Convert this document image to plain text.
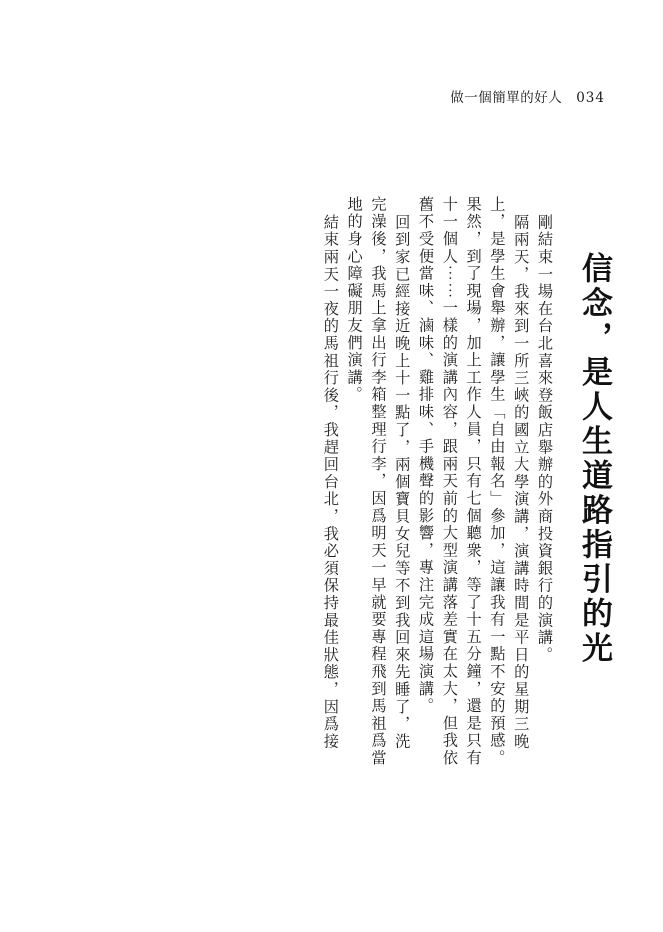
做一個簡單的好人 034
信念，是人生道路指引的光
剛結束一場在台北喜來登飯店舉辦的外商投資銀行的演講。
隔兩天，我來到一所三峽的國立大學演講，演講時間是平日的星期三晚
上，是學生會舉辦，讓學生「自由報名」參加，這讓我有一點不安的預感。
果然，到了現場，加上工作人員，只有七個聽衆，等了十五分鐘，還是只有
十一個人⋯⋯一樣的演講內容，跟兩天前的大型演講落差實在太大，但我依
舊不受便當味、滷味、雞排味、手機聲的影響，專注完成這場演講。
回到家已經接近晚上十一點了，兩個寶貝女兒等不到我回來先睡了，洗
完澡後，我馬上拿出行李箱整理行李，因爲明天一早就要專程飛到馬祖爲當
地的身心障礙朋友們演講。
結束兩天一夜的馬祖行後，我趕回台北，我必須保持最佳狀態，因爲接
